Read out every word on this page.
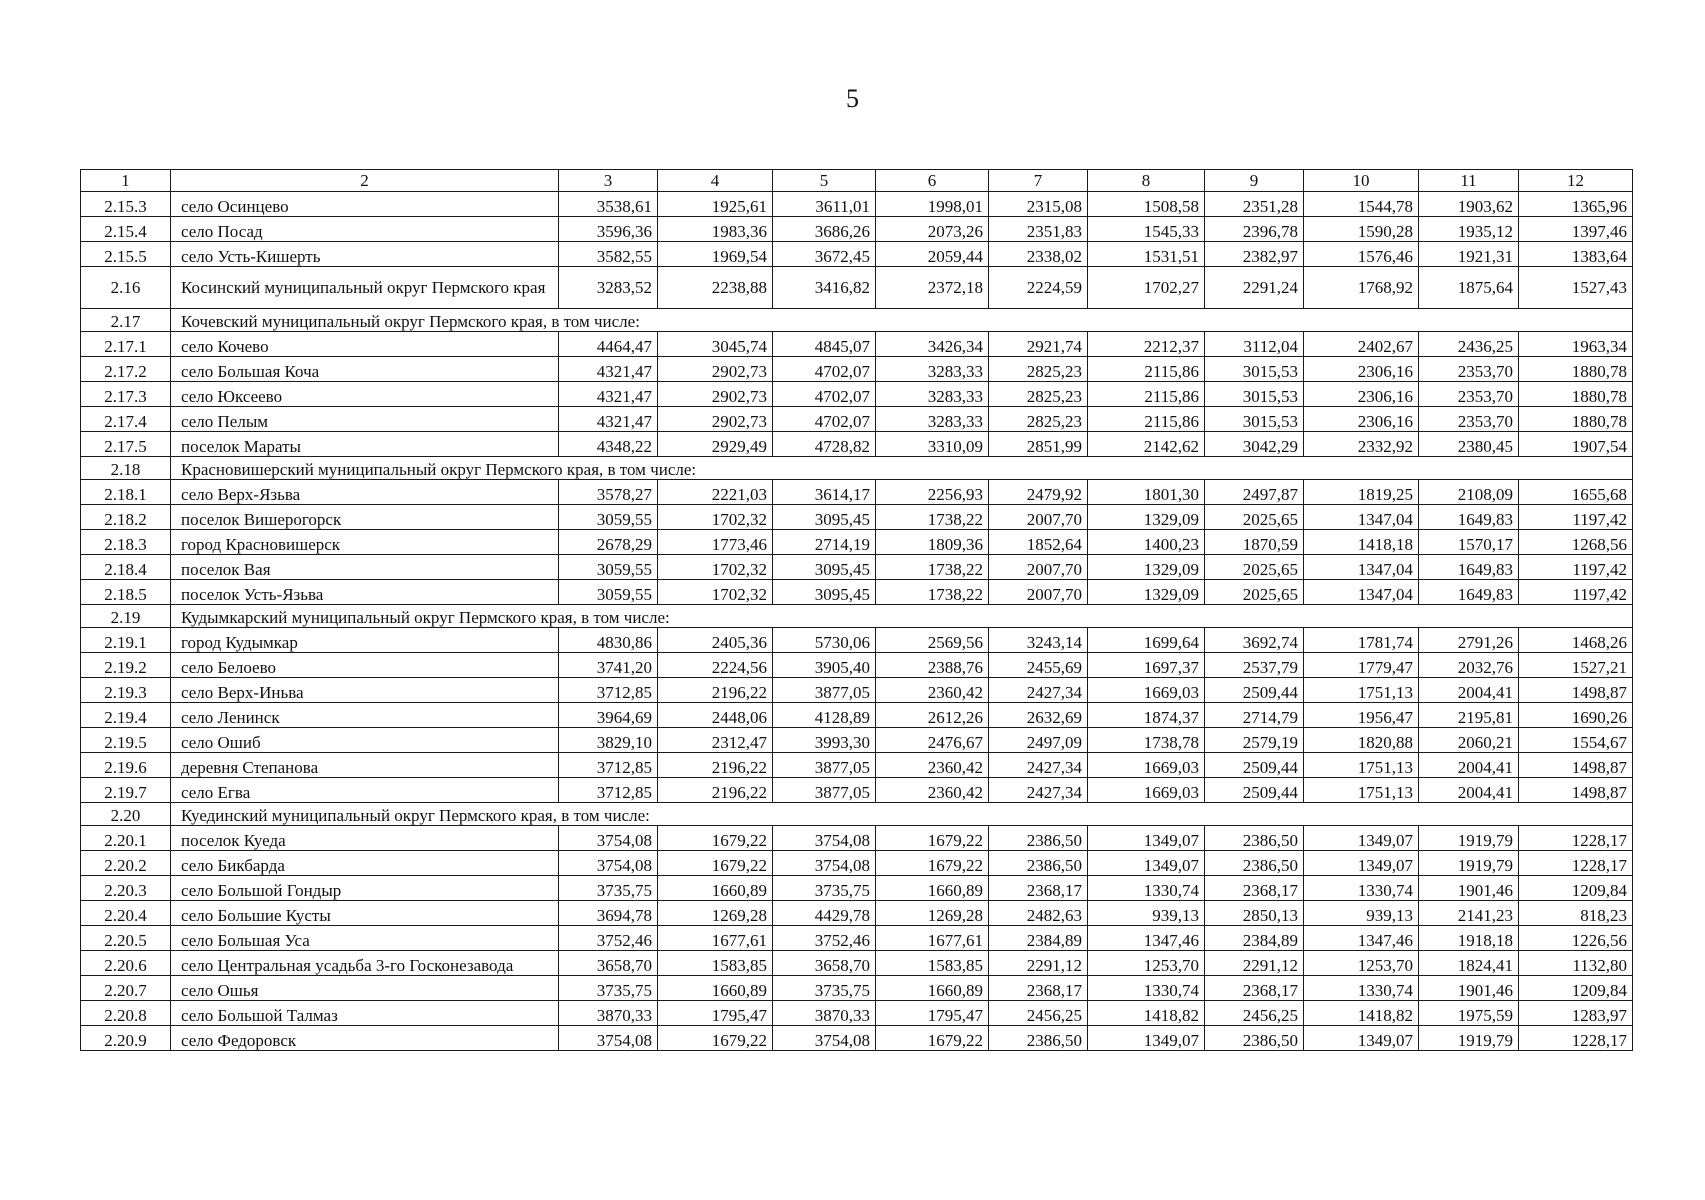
5
1	2	3	4	5	6	7	8	9	10	11	12
2.15.3	село Осинцево	3538,61	1925,61	3611,01	1998,01	2315,08	1508,58	2351,28	1544,78	1903,62	1365,96
2.15.4	село Посад	3596,36	1983,36	3686,26	2073,26	2351,83	1545,33	2396,78	1590,28	1935,12	1397,46
2.15.5	село Усть-Кишерть	3582,55	1969,54	3672,45	2059,44	2338,02	1531,51	2382,97	1576,46	1921,31	1383,64
2.16	Косинский муниципальный округ Пермского края	3283,52	2238,88	3416,82	2372,18	2224,59	1702,27	2291,24	1768,92	1875,64	1527,43
2.17	Кочевский муниципальный округ Пермского края, в том числе:										
2.17.1	село Кочево	4464,47	3045,74	4845,07	3426,34	2921,74	2212,37	3112,04	2402,67	2436,25	1963,34
2.17.2	село Большая Коча	4321,47	2902,73	4702,07	3283,33	2825,23	2115,86	3015,53	2306,16	2353,70	1880,78
2.17.3	село Юксеево	4321,47	2902,73	4702,07	3283,33	2825,23	2115,86	3015,53	2306,16	2353,70	1880,78
2.17.4	село Пелым	4321,47	2902,73	4702,07	3283,33	2825,23	2115,86	3015,53	2306,16	2353,70	1880,78
2.17.5	поселок Мараты	4348,22	2929,49	4728,82	3310,09	2851,99	2142,62	3042,29	2332,92	2380,45	1907,54
2.18	Красновишерский муниципальный округ Пермского края, в том числе:										
2.18.1	село Верх-Язьва	3578,27	2221,03	3614,17	2256,93	2479,92	1801,30	2497,87	1819,25	2108,09	1655,68
2.18.2	поселок Вишерогорск	3059,55	1702,32	3095,45	1738,22	2007,70	1329,09	2025,65	1347,04	1649,83	1197,42
2.18.3	город Красновишерск	2678,29	1773,46	2714,19	1809,36	1852,64	1400,23	1870,59	1418,18	1570,17	1268,56
2.18.4	поселок Вая	3059,55	1702,32	3095,45	1738,22	2007,70	1329,09	2025,65	1347,04	1649,83	1197,42
2.18.5	поселок Усть-Язьва	3059,55	1702,32	3095,45	1738,22	2007,70	1329,09	2025,65	1347,04	1649,83	1197,42
2.19	Кудымкарский муниципальный округ Пермского края, в том числе:										
2.19.1	город Кудымкар	4830,86	2405,36	5730,06	2569,56	3243,14	1699,64	3692,74	1781,74	2791,26	1468,26
2.19.2	село Белоево	3741,20	2224,56	3905,40	2388,76	2455,69	1697,37	2537,79	1779,47	2032,76	1527,21
2.19.3	село Верх-Иньва	3712,85	2196,22	3877,05	2360,42	2427,34	1669,03	2509,44	1751,13	2004,41	1498,87
2.19.4	село Ленинск	3964,69	2448,06	4128,89	2612,26	2632,69	1874,37	2714,79	1956,47	2195,81	1690,26
2.19.5	село Ошиб	3829,10	2312,47	3993,30	2476,67	2497,09	1738,78	2579,19	1820,88	2060,21	1554,67
2.19.6	деревня Степанова	3712,85	2196,22	3877,05	2360,42	2427,34	1669,03	2509,44	1751,13	2004,41	1498,87
2.19.7	село Егва	3712,85	2196,22	3877,05	2360,42	2427,34	1669,03	2509,44	1751,13	2004,41	1498,87
2.20	Куединский муниципальный округ Пермского края, в том числе:										
2.20.1	поселок Куеда	3754,08	1679,22	3754,08	1679,22	2386,50	1349,07	2386,50	1349,07	1919,79	1228,17
2.20.2	село Бикбарда	3754,08	1679,22	3754,08	1679,22	2386,50	1349,07	2386,50	1349,07	1919,79	1228,17
2.20.3	село Большой Гондыр	3735,75	1660,89	3735,75	1660,89	2368,17	1330,74	2368,17	1330,74	1901,46	1209,84
2.20.4	село Большие Кусты	3694,78	1269,28	4429,78	1269,28	2482,63	939,13	2850,13	939,13	2141,23	818,23
2.20.5	село Большая Уса	3752,46	1677,61	3752,46	1677,61	2384,89	1347,46	2384,89	1347,46	1918,18	1226,56
2.20.6	село Центральная усадьба 3-го Госконезавода	3658,70	1583,85	3658,70	1583,85	2291,12	1253,70	2291,12	1253,70	1824,41	1132,80
2.20.7	село Ошья	3735,75	1660,89	3735,75	1660,89	2368,17	1330,74	2368,17	1330,74	1901,46	1209,84
2.20.8	село Большой Талмаз	3870,33	1795,47	3870,33	1795,47	2456,25	1418,82	2456,25	1418,82	1975,59	1283,97
2.20.9	село Федоровск	3754,08	1679,22	3754,08	1679,22	2386,50	1349,07	2386,50	1349,07	1919,79	1228,17
